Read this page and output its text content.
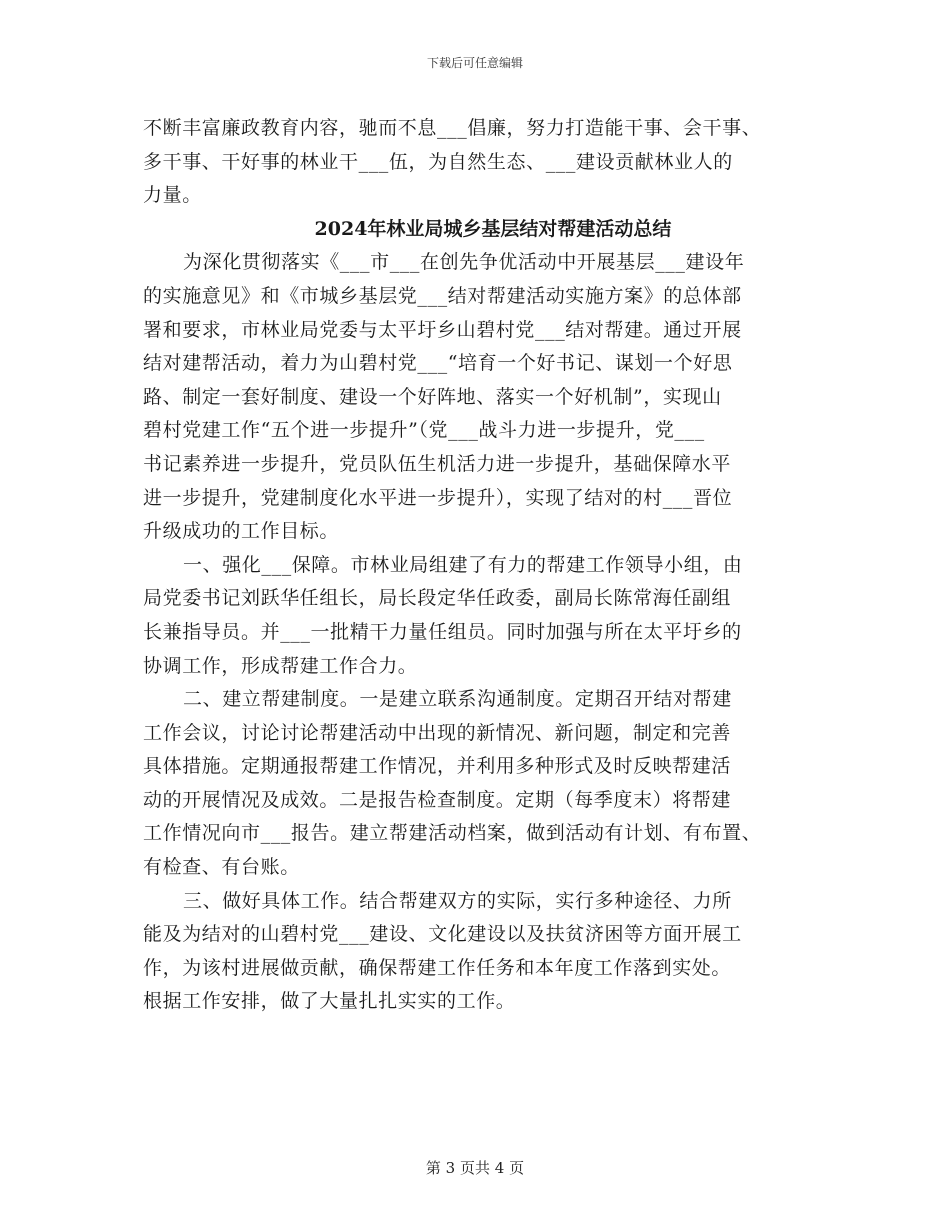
下载后可任意编辑
不断丰富廉政教育内容，驰而不息___倡廉，努力打造能干事、会干事、
多干事、干好事的林业干___伍，为自然生态、___建设贡献林业人的
力量。
2024年林业局城乡基层结对帮建活动总结
为深化贯彻落实《___市___在创先争优活动中开展基层___建设年
的实施意见》和《市城乡基层党___结对帮建活动实施方案》的总体部
署和要求，市林业局党委与太平圩乡山碧村党___结对帮建。通过开展
结对建帮活动，着力为山碧村党___“培育一个好书记、谋划一个好思
路、制定一套好制度、建设一个好阵地、落实一个好机制”，实现山
碧村党建工作“五个进一步提升”（党___战斗力进一步提升，党___
书记素养进一步提升，党员队伍生机活力进一步提升，基础保障水平
进一步提升，党建制度化水平进一步提升），实现了结对的村___晋位
升级成功的工作目标。
一、强化___保障。市林业局组建了有力的帮建工作领导小组，由
局党委书记刘跃华任组长，局长段定华任政委，副局长陈常海任副组
长兼指导员。并___一批精干力量任组员。同时加强与所在太平圩乡的
协调工作，形成帮建工作合力。
二、建立帮建制度。一是建立联系沟通制度。定期召开结对帮建
工作会议，讨论讨论帮建活动中出现的新情况、新问题，制定和完善
具体措施。定期通报帮建工作情况，并利用多种形式及时反映帮建活
动的开展情况及成效。二是报告检查制度。定期（每季度末）将帮建
工作情况向市___报告。建立帮建活动档案，做到活动有计划、有布置、
有检查、有台账。
三、做好具体工作。结合帮建双方的实际，实行多种途径、力所
能及为结对的山碧村党___建设、文化建设以及扶贫济困等方面开展工
作，为该村进展做贡献，确保帮建工作任务和本年度工作落到实处。
根据工作安排，做了大量扎扎实实的工作。
第 3 页共 4 页
